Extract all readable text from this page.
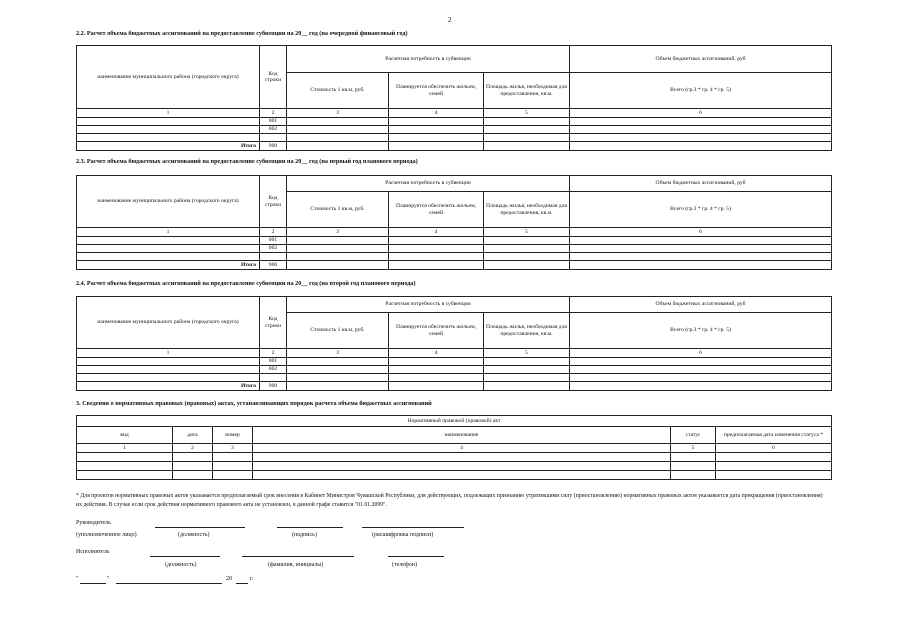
2
2.2. Расчет объема бюджетных ассигнований на предоставление субвенции на 20__ год (на очередной финансовый год)
наименование муниципального района (городского округа)	Код строки	Расчетная потребность в субвенции			Объем бюджетных ассигнований, руб
		Стоимость 1 кв.м, руб.	Планируется обеспечить жильем, семей	Площадь жилья, необходимая для предоставления, кв.м.	Всего (гр.3 * гр. 4 * гр. 5)
1	2	3	4	5	6
	001				
	002				

Итого	900				
2.3. Расчет объема бюджетных ассигнований на предоставление субвенции на 20__ год (на первый год планового периода)
наименование муниципального района (городского округа)	Код строки	Расчетная потребность в субвенции			Объем бюджетных ассигнований, руб
		Стоимость 1 кв.м, руб.	Планируется обеспечить жильем, семей	Площадь жилья, необходимая для предоставления, кв.м.	Всего (гр.3 * гр. 4 * гр. 5)
1	2	3	4	5	6
	001				
	002				

Итого	900				
2.4. Расчет объема бюджетных ассигнований на предоставление субвенции на 20__ год (на второй год планового периода)
наименование муниципального района (городского округа)	Код строки	Расчетная потребность в субвенции			Объем бюджетных ассигнований, руб
		Стоимость 1 кв.м, руб.	Планируется обеспечить жильем, семей	Площадь жилья, необходимая для предоставления, кв.м.	Всего (гр.3 * гр. 4 * гр. 5)
1	2	3	4	5	6
	001				
	002				

Итого	900				
3. Сведения о нормативных правовых (правовых) актах, устанавливающих порядок расчета объема бюджетных ассигнований
Нормативный правовой (правовой) акт					
вид	дата	номер	наименование	статус	предполагаемая дата изменения статуса *
1	2	3	4	5	6

* Для проектов нормативных правовых актов указывается предполагаемый срок внесения в Кабинет Министров Чувашской Республики, для действующих, подлежащих признанию утратившими силу (приостановлению) нормативных правовых актов указывается дата прекращения (приостановления) их действия. В случае если срок действия нормативного правового акта не установлен, в данной графе ставится "01.01.2099".
Руководитель
(уполномоченное лицо)	(должность)	(подпись)	(расшифровка подписи)
Исполнитель
(должность)	(фамилия, инициалы)	(телефон)
"	"	20	г.
